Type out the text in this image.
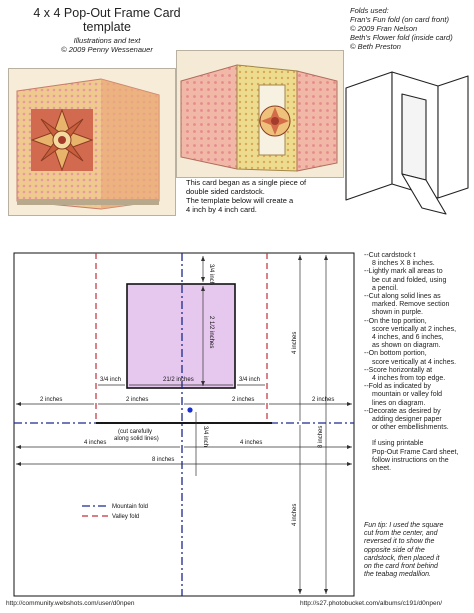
4 x 4 Pop-Out Frame Card
template
Illustrations and text
© 2009 Penny Wessenauer
Folds used:
Fran's Fun fold (on card front)
© 2009 Fran Nelson
Beth's Flower fold (inside card)
© Beth Preston
This card began as a single piece of
double sided cardstock.
The template below will create a
4 inch by 4 inch card.
3/4 inch
2 1/2 inches
3/4 inch	21/2 inches	3/4 inch
2 inches	2 inches	2 inches	2 inches
(cut carefully
along solid lines)	3/4 inch
4 inches	4 inches
8 inches
4 inches
4 inches
8 inches
Mountain fold
Valley fold
--Cut cardstock t
8 inches X 8 inches.
--Lightly mark all areas to
be cut and folded, using
a pencil.
--Cut along solid lines as
marked. Remove section
shown in purple.
--On the top portion,
score vertically at 2 inches,
4 inches, and 6 inches,
as shown on diagram.
--On bottom portion,
score vertically at 4 inches.
--Score horizontally at
4 inches from top edge.
--Fold as indicated by
mountain or valley fold
lines on diagram.
--Decorate as desired by
adding designer paper
or other embellishments.
If using printable
Pop-Out Frame Card sheet,
follow instructions on the
sheet.
Fun tip: I used the square
cut from the center, and
reversed it to show the
opposite side of the
cardstock, then placed it
on the card front behind
the teabag medallion.
http://community.webshots.com/user/d0npen	http://s27.photobucket.com/albums/c191/d0npen/
